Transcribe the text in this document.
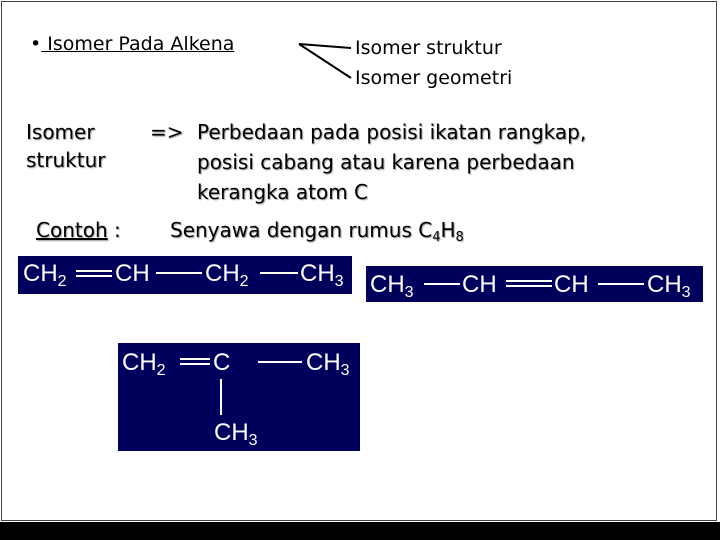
• Isomer Pada Alkena	Isomer struktur
Isomer geometri
Isomer
struktur
=> Perbedaan pada posisi ikatan rangkap,
posisi cabang atau karena perbedaan
kerangka atom C
Contoh : Senyawa dengan rumus $C_4H_8$
$CH_2$ CH $CH_2$ $CH_3$ $CH_3$ CH CH $CH_3$
$CH_2$ C	$CH_3$
$CH_3$
